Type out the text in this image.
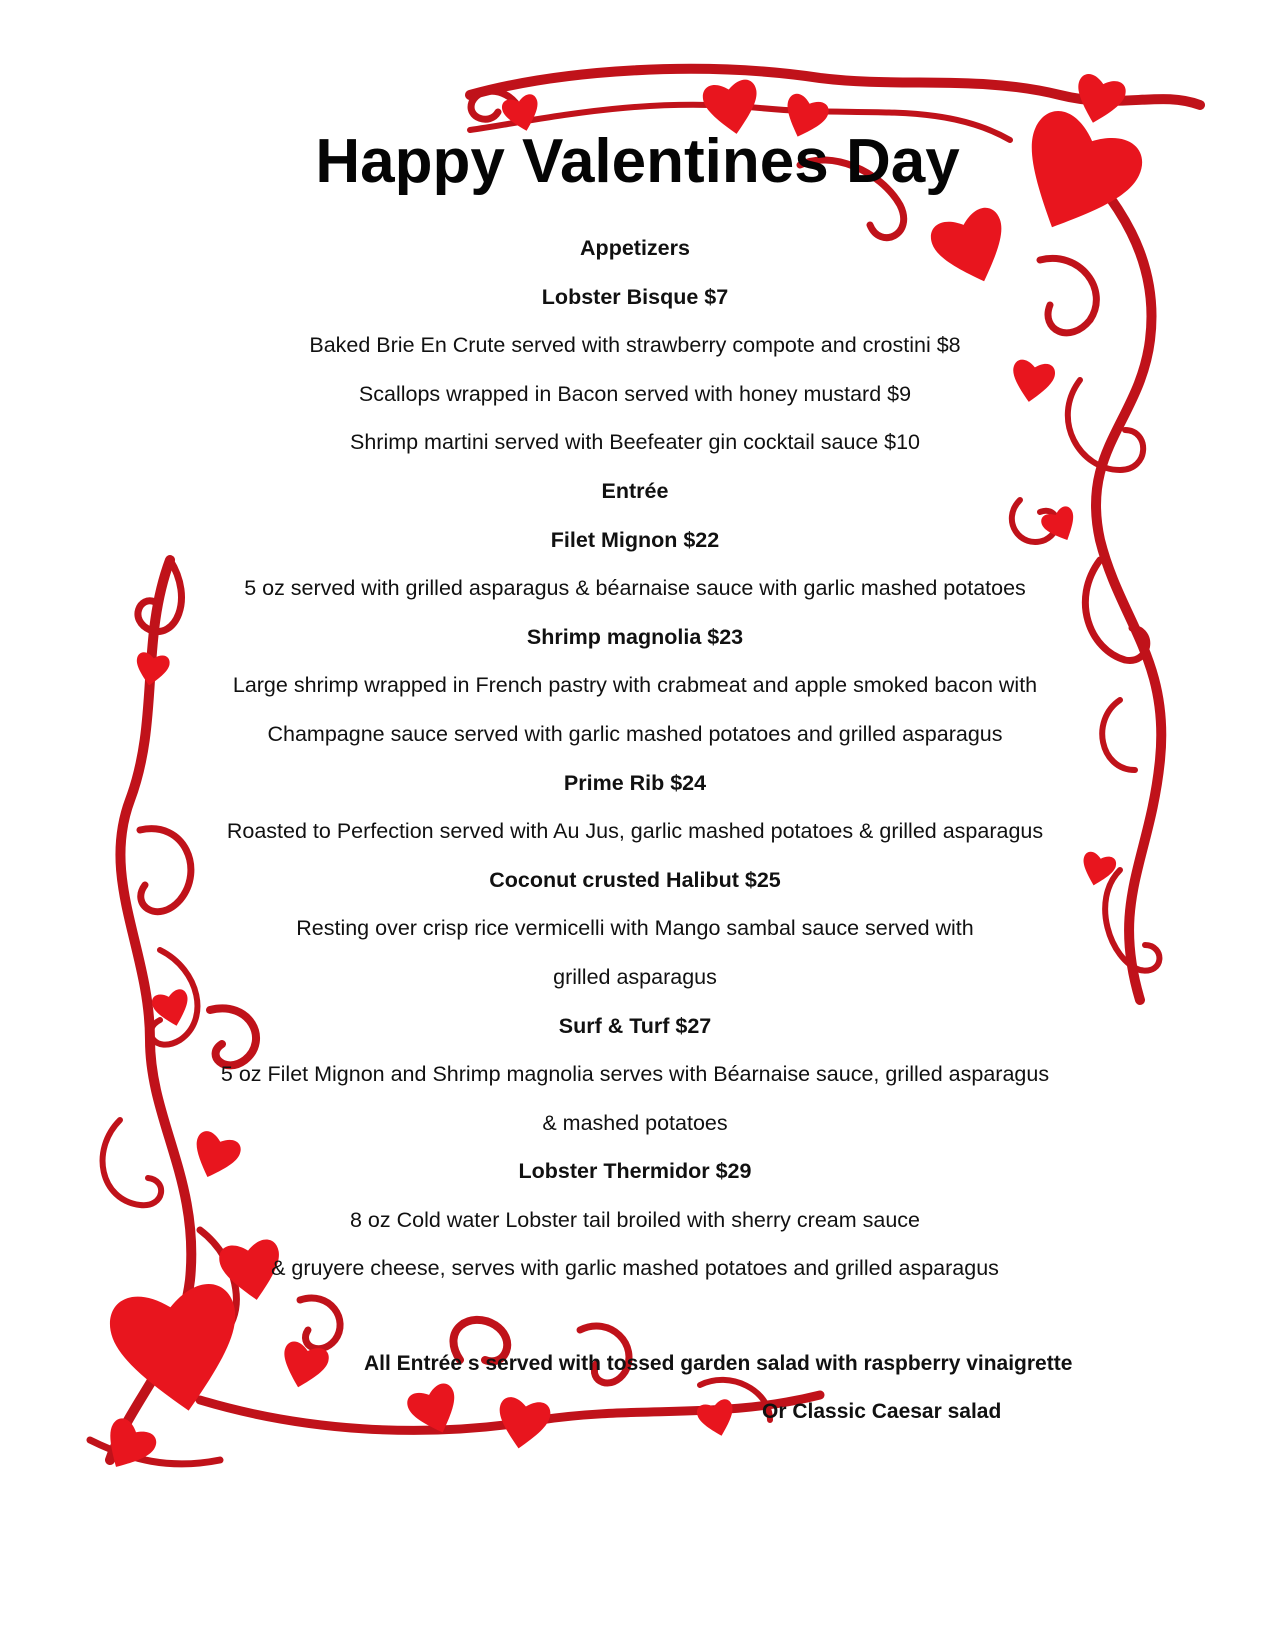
Happy Valentines Day
Appetizers
Lobster Bisque $7
Baked Brie En Crute served with strawberry compote and crostini $8
Scallops wrapped in Bacon served with honey mustard $9
Shrimp martini served with Beefeater gin cocktail sauce $10
Entrée
Filet Mignon $22
5 oz served with grilled asparagus & béarnaise sauce with garlic mashed potatoes
Shrimp magnolia $23
Large shrimp wrapped in French pastry with crabmeat and apple smoked bacon with
Champagne sauce served with garlic mashed potatoes and grilled asparagus
Prime Rib $24
Roasted to Perfection served with Au Jus, garlic mashed potatoes & grilled asparagus
Coconut crusted Halibut $25
Resting over crisp rice vermicelli with Mango sambal sauce served with
grilled asparagus
Surf & Turf $27
5 oz Filet Mignon and Shrimp magnolia serves with Béarnaise sauce, grilled asparagus
& mashed potatoes
Lobster Thermidor $29
8 oz Cold water Lobster tail broiled with sherry cream sauce
& gruyere cheese, serves with garlic mashed potatoes and grilled asparagus
All Entrée s served with tossed garden salad with raspberry vinaigrette
Or Classic Caesar salad
